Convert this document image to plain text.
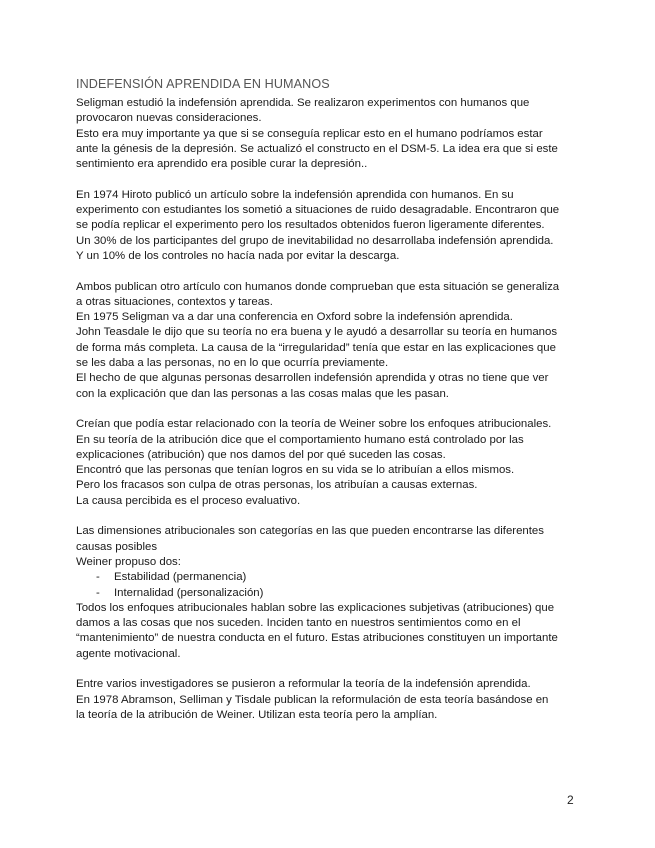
INDEFENSIÓN APRENDIDA EN HUMANOS
Seligman estudió la indefensión aprendida. Se realizaron experimentos con humanos que
provocaron nuevas consideraciones.
Esto era muy importante ya que si se conseguía replicar esto en el humano podríamos estar
ante la génesis de la depresión. Se actualizó el constructo en el DSM-5. La idea era que si este
sentimiento era aprendido era posible curar la depresión..
En 1974 Hiroto publicó un artículo sobre la indefensión aprendida con humanos. En su
experimento con estudiantes los sometió a situaciones de ruido desagradable. Encontraron que
se podía replicar el experimento pero los resultados obtenidos fueron ligeramente diferentes.
Un 30% de los participantes del grupo de inevitabilidad no desarrollaba indefensión aprendida.
Y un 10% de los controles no hacía nada por evitar la descarga.
Ambos publican otro artículo con humanos donde comprueban que esta situación se generaliza
a otras situaciones, contextos y tareas.
En 1975 Seligman va a dar una conferencia en Oxford sobre la indefensión aprendida.
John Teasdale le dijo que su teoría no era buena y le ayudó a desarrollar su teoría en humanos
de forma más completa. La causa de la “irregularidad” tenía que estar en las explicaciones que
se les daba a las personas, no en lo que ocurría previamente.
El hecho de que algunas personas desarrollen indefensión aprendida y otras no tiene que ver
con la explicación que dan las personas a las cosas malas que les pasan.
Creían que podía estar relacionado con la teoría de Weiner sobre los enfoques atribucionales.
En su teoría de la atribución dice que el comportamiento humano está controlado por las
explicaciones (atribución) que nos damos del por qué suceden las cosas.
Encontró que las personas que tenían logros en su vida se lo atribuían a ellos mismos.
Pero los fracasos son culpa de otras personas, los atribuían a causas externas.
La causa percibida es el proceso evaluativo.
Las dimensiones atribucionales son categorías en las que pueden encontrarse las diferentes
causas posibles
Weiner propuso dos:
- Estabilidad (permanencia)
- Internalidad (personalización)
Todos los enfoques atribucionales hablan sobre las explicaciones subjetivas (atribuciones) que
damos a las cosas que nos suceden. Inciden tanto en nuestros sentimientos como en el
“mantenimiento” de nuestra conducta en el futuro. Estas atribuciones constituyen un importante
agente motivacional.
Entre varios investigadores se pusieron a reformular la teoría de la indefensión aprendida.
En 1978 Abramson, Selliman y Tisdale publican la reformulación de esta teoría basándose en
la teoría de la atribución de Weiner. Utilizan esta teoría pero la amplían.
2
